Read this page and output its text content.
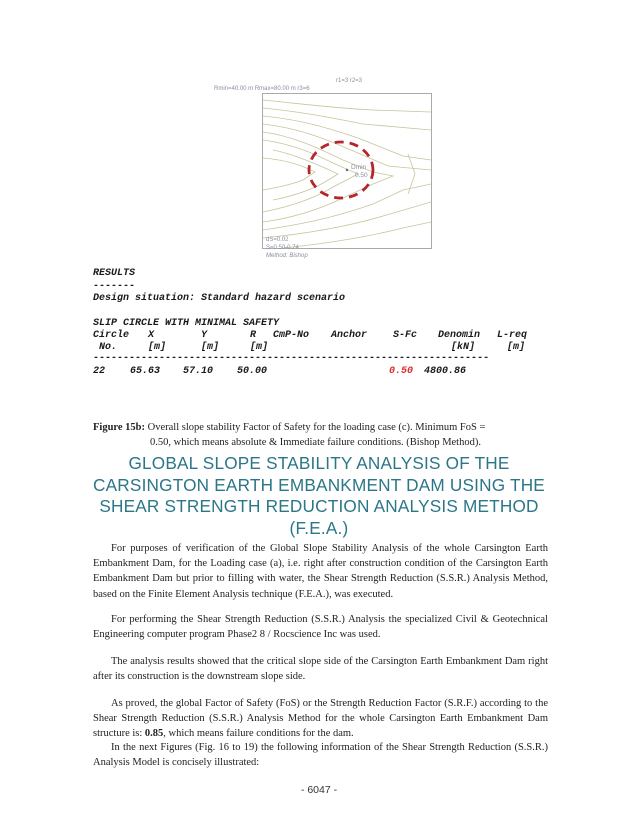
r1=3 r2=3
Rmin=40.00 m Rmax=80.00 m r3=6
Dmin
0.50
dS=0.02
S=0.50-0.74
Method: Bishop
RESULTS
-------
Design situation: Standard hazard scenario
SLIP CIRCLE WITH MINIMAL SAFETY
Circle X	Y	R CmP-No Anchor	S-Fc Denomin L-req
No.	[m]	[m]	[m]	[kN]	[m]
------------------------------------------------------------------
22 65.63 57.10 50.00	0.50 4800.86
Figure 15b: Overall slope stability Factor of Safety for the loading case (c). Minimum FoS =
0.50, which means absolute & Immediate failure conditions. (Bishop Method).
GLOBAL SLOPE STABILITY ANALYSIS OF THE CARSINGTON EARTH EMBANKMENT DAM USING THE SHEAR STRENGTH REDUCTION ANALYSIS METHOD (F.E.A.)

For purposes of verification of the Global Slope Stability Analysis of the whole Carsington Earth Embankment Dam, for the Loading case (a), i.e. right after construction condition of the Carsington Earth Embankment Dam but prior to filling with water, the Shear Strength Reduction (S.S.R.) Analysis Method, based on the Finite Element Analysis technique (F.E.A.), was executed.

For performing the Shear Strength Reduction (S.S.R.) Analysis the specialized Civil & Geotechnical Engineering computer program Phase2 8 / Rocscience Inc was used.

The analysis results showed that the critical slope side of the Carsington Earth Embankment Dam right after its construction is the downstream slope side.

As proved, the global Factor of Safety (FoS) or the Strength Reduction Factor (S.R.F.) according to the Shear Strength Reduction (S.S.R.) Analysis Method for the whole Carsington Earth Embankment Dam structure is: 0.85, which means failure conditions for the dam.

In the next Figures (Fig. 16 to 19) the following information of the Shear Strength Reduction (S.S.R.) Analysis Model is concisely illustrated:

- 6047 -
